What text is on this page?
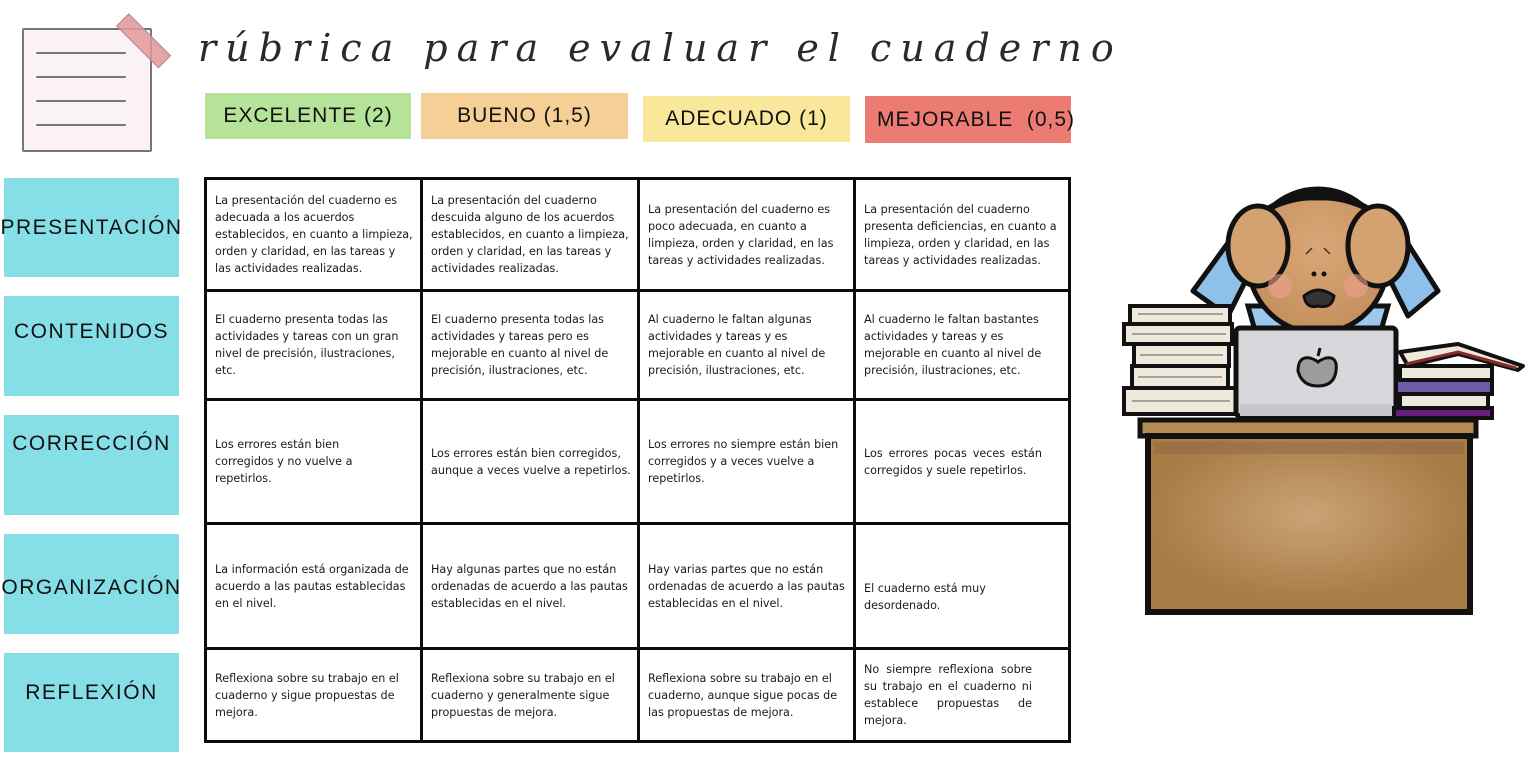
rúbrica para evaluar el cuaderno
EXCELENTE (2)	BUENO (1,5)	ADECUADO (1) MEJORABLE  (0,5)
PRESENTACIÓN
CONTENIDOS
CORRECCIÓN
ORGANIZACIÓN
REFLEXIÓN
La presentación del cuaderno es adecuada a los acuerdos establecidos, en cuanto a limpieza, orden y claridad, en las tareas y las actividades realizadas.
La presentación del cuaderno descuida alguno de los acuerdos establecidos, en cuanto a limpieza, orden y claridad, en las tareas y actividades realizadas.
La presentación del cuaderno es poco adecuada, en cuanto a limpieza, orden y claridad, en las tareas y actividades realizadas.
La presentación del cuaderno presenta deficiencias, en cuanto a limpieza, orden y claridad, en las tareas y actividades realizadas.
El cuaderno presenta todas las actividades y tareas con un gran nivel de precisión, ilustraciones, etc.
El cuaderno presenta todas las actividades y tareas pero es mejorable en cuanto al nivel de precisión, ilustraciones, etc.
Al cuaderno le faltan algunas actividades y tareas y es mejorable en cuanto al nivel de precisión, ilustraciones, etc.
Al cuaderno le faltan bastantes actividades y tareas y es mejorable en cuanto al nivel de precisión, ilustraciones, etc.
Los errores están bien corregidos y no vuelve a repetirlos.
Los errores están bien corregidos, aunque a veces vuelve a repetirlos.
Los errores no siempre están bien corregidos y a veces vuelve a repetirlos.
Los errores pocas veces están corregidos y suele repetirlos.
La información está organizada de acuerdo a las pautas establecidas en el nivel.
Hay algunas partes que no están ordenadas de acuerdo a las pautas establecidas en el nivel.
Hay varias partes que no están ordenadas de acuerdo a las pautas establecidas en el nivel.
El cuaderno está muy desordenado.
Reflexiona sobre su trabajo en el cuaderno y sigue propuestas de mejora.
Reflexiona sobre su trabajo en el cuaderno y generalmente sigue propuestas de mejora.
Reflexiona sobre su trabajo en el cuaderno, aunque sigue pocas de las propuestas de mejora.
No siempre reflexiona sobre su trabajo en el cuaderno ni establece propuestas de mejora.
